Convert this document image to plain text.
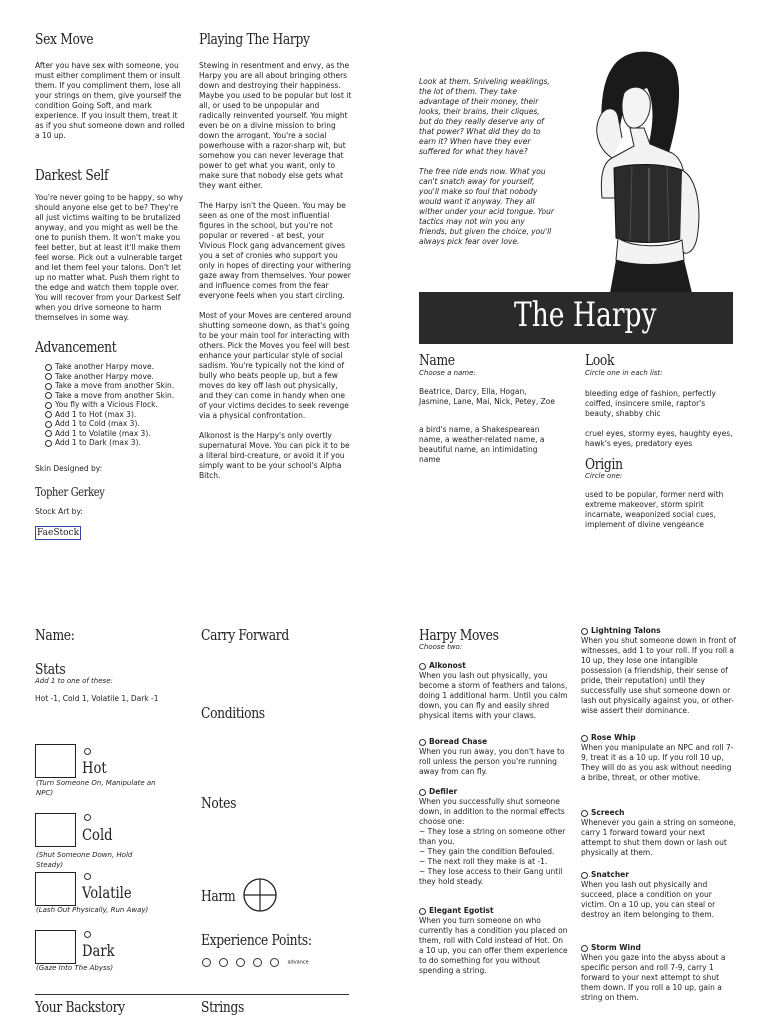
Sex Move
After you have sex with someone, you must either compliment them or insult them. If you compliment them, lose all your strings on them, give yourself the condition Going Soft, and mark experience. If you insult them, treat it as if you shut someone down and rolled a 10 up.
Darkest Self
You're never going to be happy, so why should anyone else get to be? They're all just victims waiting to be brutalized anyway, and you might as well be the one to punish them. It won't make you feel better, but at least it'll make them feel worse. Pick out a vulnerable target and let them feel your talons. Don't let up no matter what. Push them right to the edge and watch them topple over. You will recover from your Darkest Self when you drive someone to harm themselves in some way.
Advancement
Take another Harpy move.
Take another Harpy move.
Take a move from another Skin.
Take a move from another Skin.
You fly with a Vicious Flock.
Add 1 to Hot (max 3).
Add 1 to Cold (max 3).
Add 1 to Volatile (max 3).
Add 1 to Dark (max 3).
Skin Designed by:
Topher Gerkey
Stock Art by:
FaeStock
Playing The Harpy

Stewing in resentment and envy, as the Harpy you are all about bringing others down and destroying their happiness. Maybe you used to be popular but lost it all, or used to be unpopular and radically reinvented yourself. You might even be on a divine mission to bring down the arrogant. You're a social powerhouse with a razor-sharp wit, but somehow you can never leverage that power to get what you want, only to make sure that nobody else gets what they want either.

The Harpy isn't the Queen. You may be seen as one of the most influential figures in the school, but you're not popular or revered - at best, your Vivious Flock gang advancement gives you a set of cronies who support you only in hopes of directing your withering gaze away from themselves. Your power and influence comes from the fear everyone feels when you start circling.

Most of your Moves are centered around shutting someone down, as that's going to be your main tool for interacting with others. Pick the Moves you feel will best enhance your particular style of social sadism. You're typically not the kind of bully who beats people up, but a few moves do key off lash out physically, and they can come in handy when one of your victims decides to seek revenge via a physical confrontation.

Alkonost is the Harpy's only overtly supernatural Move. You can pick it to be a literal bird-creature, or avoid it if you simply want to be your school's Alpha Bitch.

Look at them. Sniveling weaklings, the lot of them. They take advantage of their money, their looks, their brains, their cliques, but do they really deserve any of that power? What did they do to earn it? When have they ever suffered for what they have?

The free ride ends now. What you can't snatch away for yourself, you'll make so foul that nobody would want it anyway. They all wither under your acid tongue. Your tactics may not win you any friends, but given the choice, you'll always pick fear over love.

The Harpy
Name
Choose a name:
Beatrice, Darcy, Ella, Hogan, Jasmine, Lane, Mai, Nick, Petey, Zoe
a bird's name, a Shakespearean name, a weather-related name, a beautiful name, an intimidating name
Look
Circle one in each list:
bleeding edge of fashion, perfectly coiffed, insincere smile, raptor's beauty, shabby chic
cruel eyes, stormy eyes, haughty eyes, hawk's eyes, predatory eyes
Origin
Circle one:
used to be popular, former nerd with extreme makeover, storm spirit incarnate, weaponized social cues, implement of divine vengeance
Name:
Stats
Add 1 to one of these:
Hot -1, Cold 1, Volatile 1, Dark -1
Hot
(Turn Someone On, Manipulate an NPC)
Cold
(Shut Someone Down, Hold Steady)
Volatile
(Lash Out Physically, Run Away)
Dark
(Gaze Into The Abyss)
Your Backstory
Carry Forward
Conditions
Notes
Harm
Experience Points:
advance
Strings
Harpy Moves
Choose two:

Alkonost

When you lash out physically, you become a storm of feathers and talons, doing 1 additional harm. Until you calm down, you can fly and easily shred physical items with your claws.

Boread Chase

When you run away, you don't have to roll unless the person you're running away from can fly.

Defiler

When you successfully shut someone down, in addition to the normal effects choose one:

~ They lose a string on someone other than you.

~ They gain the condition Befouled.

~ The next roll they make is at -1.

~ They lose access to their Gang until they hold steady.

Elegant Egotist

When you turn someone on who currently has a condition you placed on them, roll with Cold instead of Hot. On a 10 up, you can offer them experience to do something for you without spending a string.

Lightning Talons

When you shut someone down in front of witnesses, add 1 to your roll. If you roll a 10 up, they lose one intangible possession (a friendship, their sense of pride, their reputation) until they successfully use shut someone down or lash out physically against you, or other-wise assert their dominance.

Rose Whip

When you manipulate an NPC and roll 7-9, treat it as a 10 up. If you roll 10 up, They will do as you ask without needing a bribe, threat, or other motive.

Screech

Whenever you gain a string on someone, carry 1 forward toward your next attempt to shut them down or lash out physically at them.

Snatcher

When you lash out physically and succeed, place a condition on your victim. On a 10 up, you can steal or destroy an item belonging to them.

Storm Wind

When you gaze into the abyss about a specific person and roll 7-9, carry 1 forward to your next attempt to shut them down. If you roll a 10 up, gain a string on them.
